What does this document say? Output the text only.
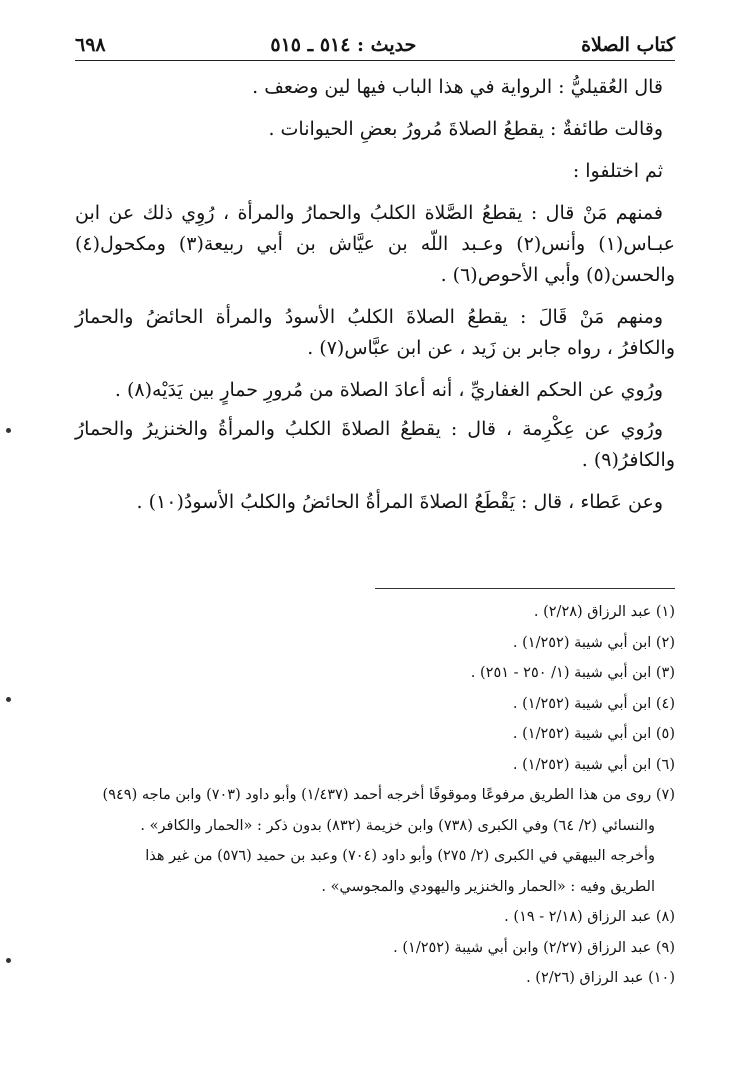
كتاب الصلاة
حديث : ٥١٤ ـ ٥١٥
٦٩٨

قال العُقيليُّ : الرواية في هذا الباب فيها لين وضعف .

وقالت طائفةٌ : يقطعُ الصلاةَ مُرورُ بعضِ الحيوانات .

ثم اختلفوا :

فمنهم مَنْ قال : يقطعُ الصَّلاة الكلبُ والحمارُ والمرأة ، رُوِي ذلك عن ابن عبـاس(١) وأنس(٢) وعـبد اللّه بن عيَّاش بن أبي ربيعة(٣) ومكحول(٤) والحسن(٥) وأبي الأحوص(٦) .

ومنهم مَنْ قَالَ : يقطعُ الصلاةَ الكلبُ الأسودُ والمرأة الحائضُ والحمارُ والكافرُ ، رواه جابر بن زَيد ، عن ابن عبَّاس(٧) .

ورُوي عن الحكم الغفاريِّ ، أنه أعادَ الصلاة من مُرورِ حمارٍ بين يَدَيْه(٨) .

ورُوي عن عِكْرِمة ، قال : يقطعُ الصلاةَ الكلبُ والمرأةُ والخنزيرُ والحمارُ والكافرُ(٩) .

وعن عَطاء ، قال : يَقْطَعُ الصلاةَ المرأةُ الحائضُ والكلبُ الأسودُ(١٠) .

(١) عبد الرزاق (٢/٢٨) .

(٢) ابن أبي شيبة (١/٢٥٢) .

(٣) ابن أبي شيبة (١/ ٢٥٠ - ٢٥١) .

(٤) ابن أبي شيبة (١/٢٥٢) .

(٥) ابن أبي شيبة (١/٢٥٢) .

(٦) ابن أبي شيبة (١/٢٥٢) .

(٧) روى من هذا الطريق مرفوعًا وموقوفًا أخرجه أحمد (١/٤٣٧) وأبو داود (٧٠٣) وابن ماجه (٩٤٩)

والنسائي (٢/ ٦٤) وفي الكبرى (٧٣٨) وابن خزيمة (٨٣٢) بدون ذكر : «الحمار والكافر» .

وأخرجه البيهقي في الكبرى (٢/ ٢٧٥) وأبو داود (٧٠٤) وعبد بن حميد (٥٧٦) من غير هذا

الطريق وفيه : «الحمار والخنزير واليهودي والمجوسي» .

(٨) عبد الرزاق (٢/١٨ - ١٩) .

(٩) عبد الرزاق (٢/٢٧) وابن أبي شيبة (١/٢٥٢) .

(١٠) عبد الرزاق (٢/٢٦) .
